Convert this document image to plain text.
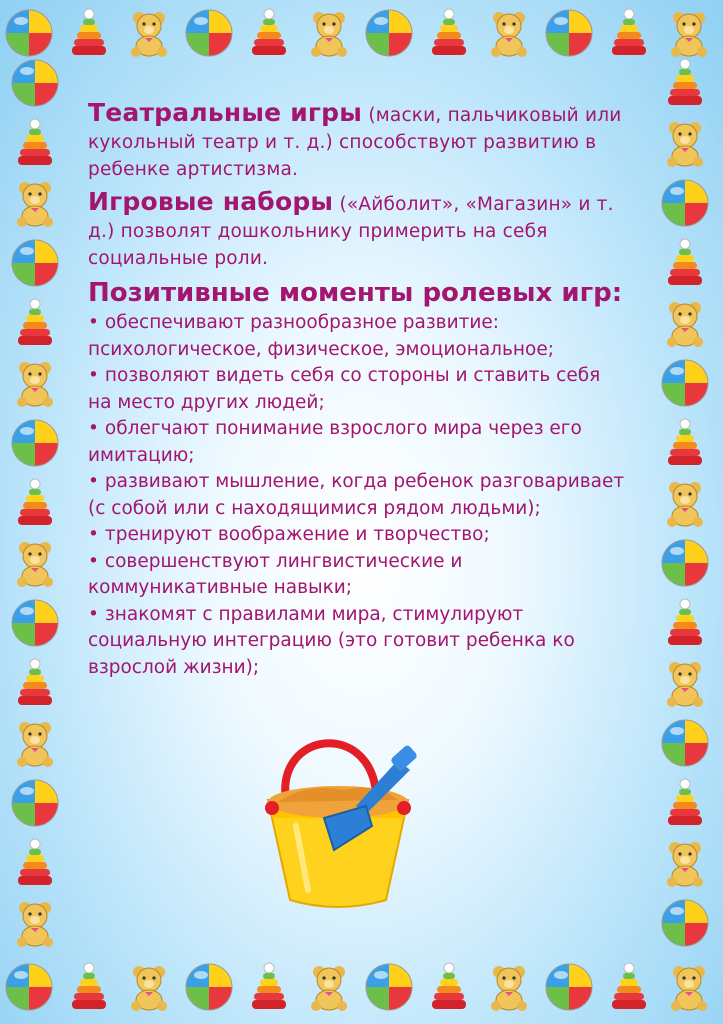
Театральные игры (маски, пальчиковый или кукольный театр и т. д.) способствуют развитию в ребенке артистизма.

Игровые наборы («Айболит», «Магазин» и т. д.) позволят дошкольнику примерить на себя социальные роли.

Позитивные моменты ролевых игр:
• обеспечивают разнообразное развитие: психологическое, физическое, эмоциональное;
• позволяют видеть себя со стороны и ставить себя на место других людей;
• облегчают понимание взрослого мира через его имитацию;
• развивают мышление, когда ребенок разговаривает (с собой или с находящимися рядом людьми);
• тренируют воображение и творчество;
• совершенствуют лингвистические и коммуникативные навыки;
• знакомят с правилами мира, стимулируют социальную интеграцию (это готовит ребенка ко взрослой жизни);
